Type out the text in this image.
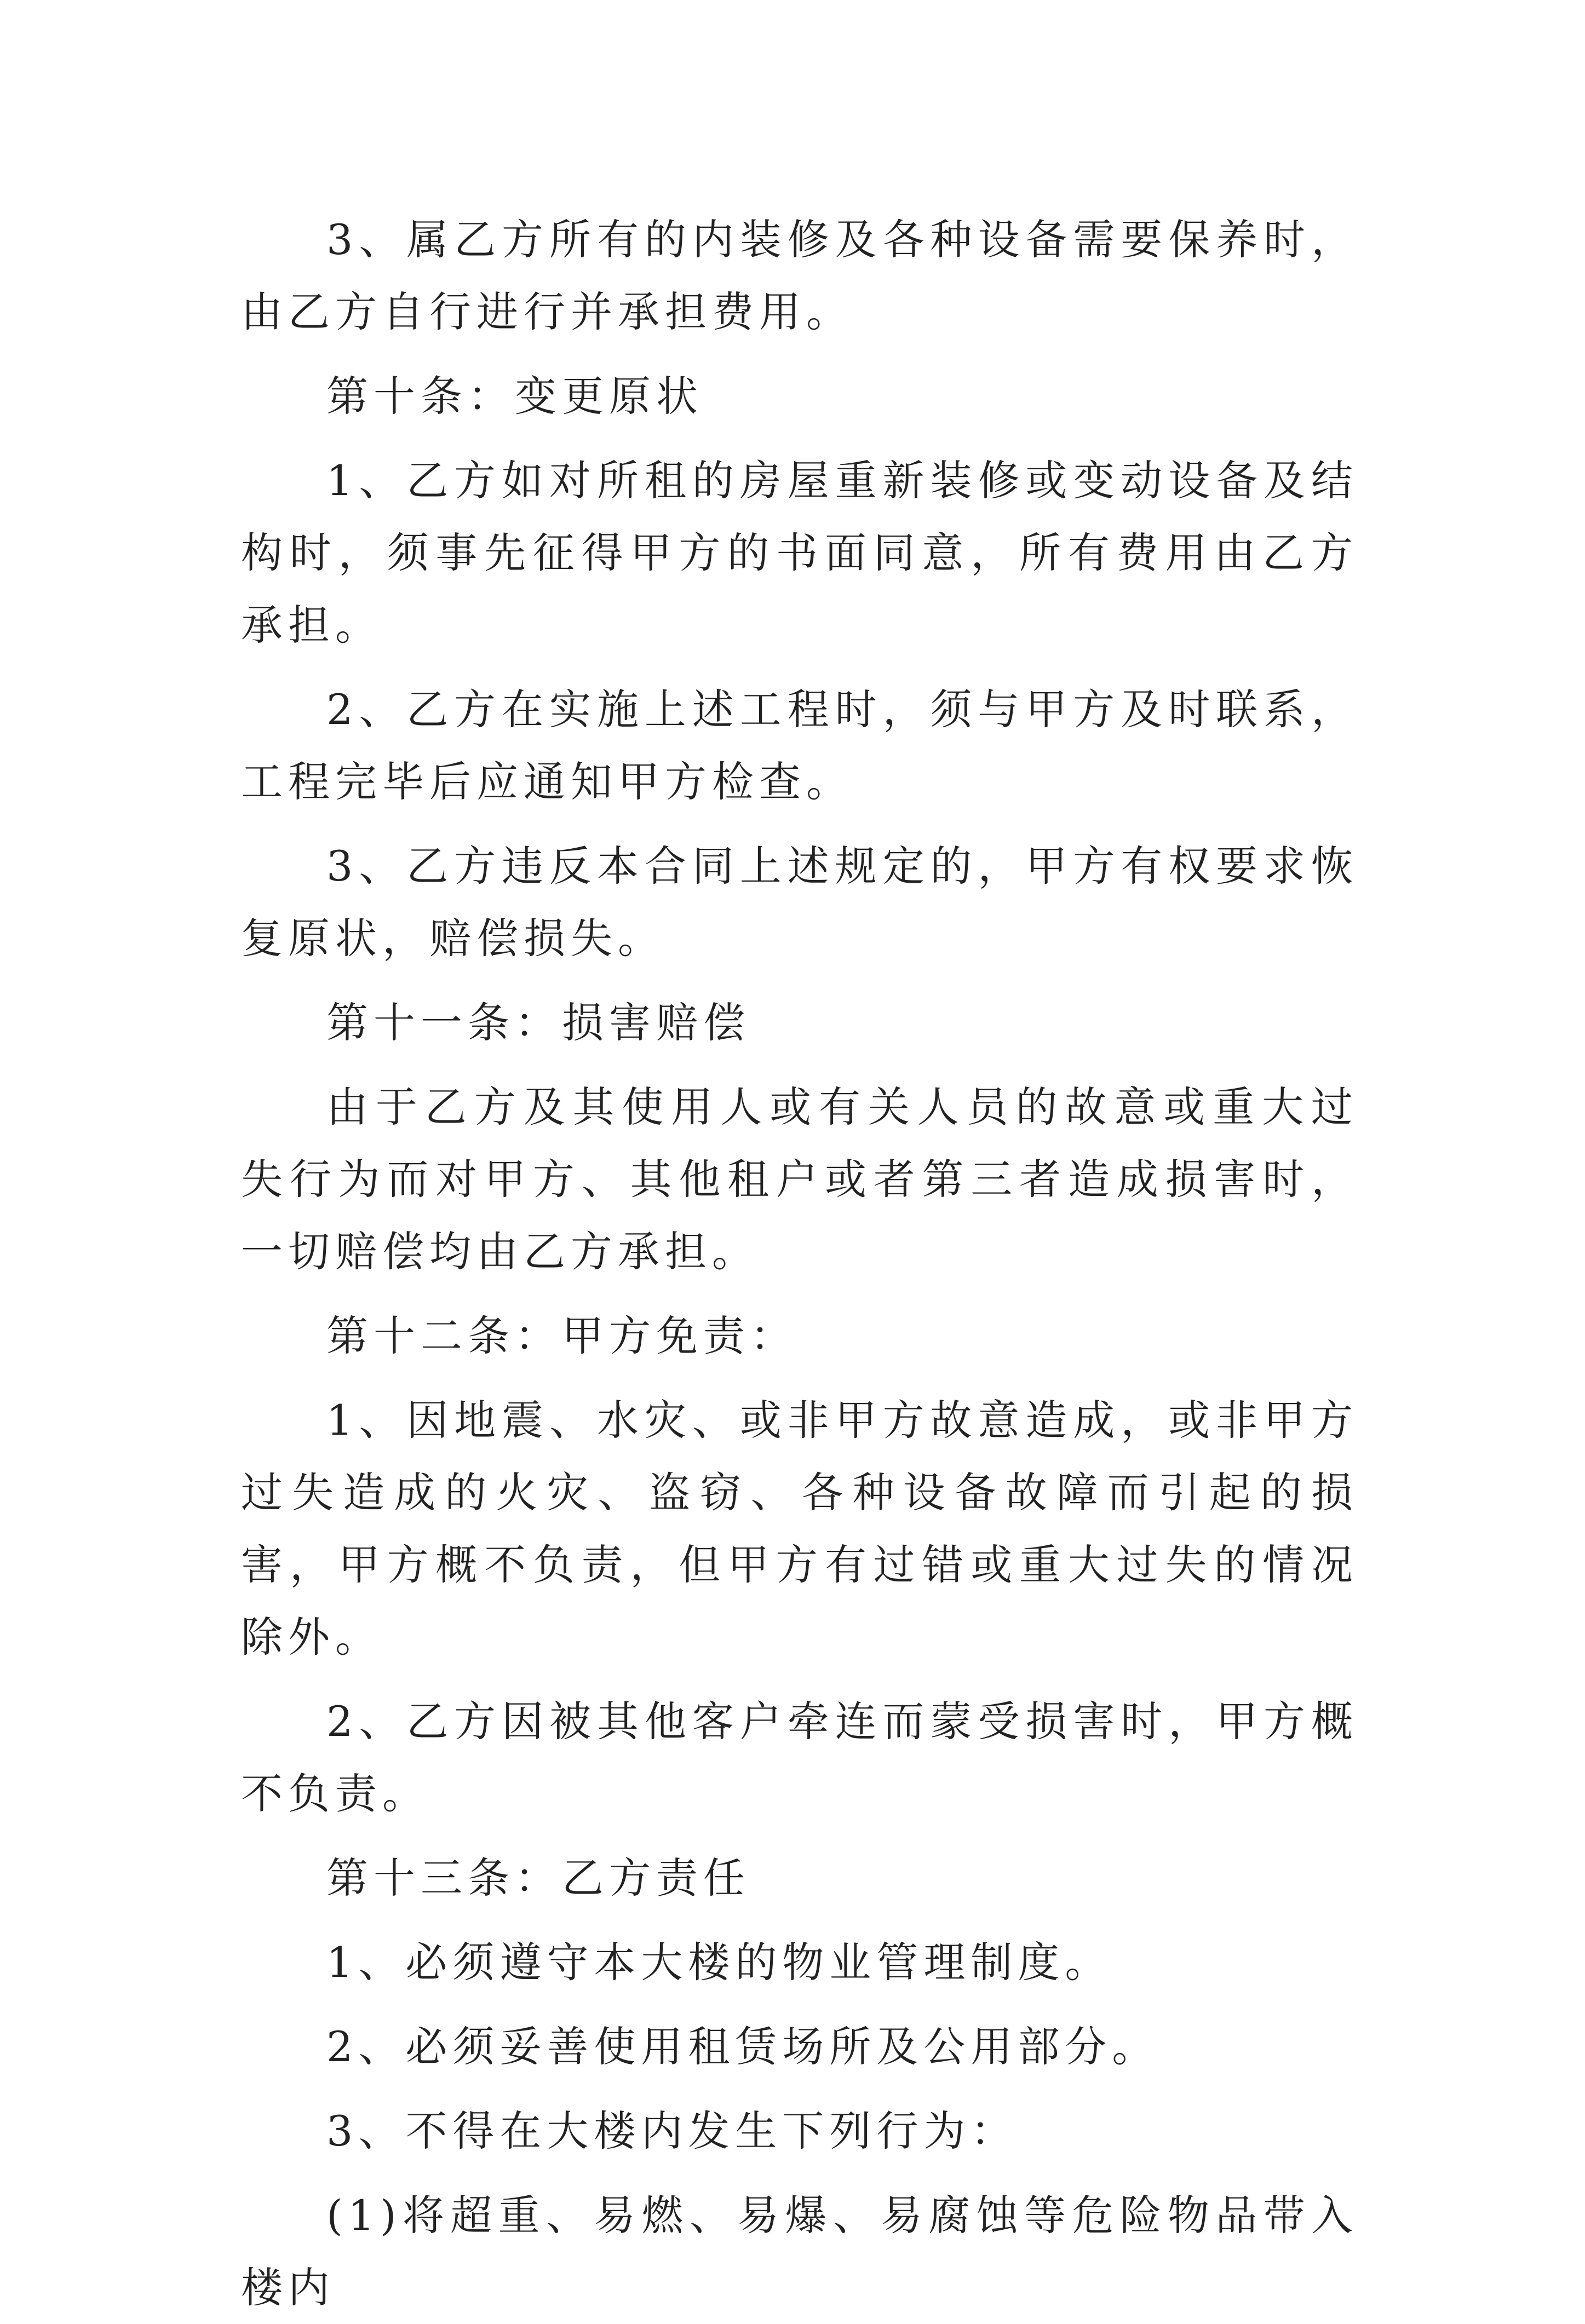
3、属乙方所有的内装修及各种设备需要保养时，由乙方自行进行并承担费用。

第十条：变更原状

1、乙方如对所租的房屋重新装修或变动设备及结构时，须事先征得甲方的书面同意，所有费用由乙方承担。

2、乙方在实施上述工程时，须与甲方及时联系，工程完毕后应通知甲方检查。

3、乙方违反本合同上述规定的，甲方有权要求恢复原状，赔偿损失。

第十一条：损害赔偿

由于乙方及其使用人或有关人员的故意或重大过失行为而对甲方、其他租户或者第三者造成损害时，一切赔偿均由乙方承担。

第十二条：甲方免责：

1、因地震、水灾、或非甲方故意造成，或非甲方过失造成的火灾、盗窃、各种设备故障而引起的损害，甲方概不负责，但甲方有过错或重大过失的情况除外。

2、乙方因被其他客户牵连而蒙受损害时，甲方概不负责。

第十三条：乙方责任

1、必须遵守本大楼的物业管理制度。

2、必须妥善使用租赁场所及公用部分。

3、不得在大楼内发生下列行为：

(1)将超重、易燃、易爆、易腐蚀等危险物品带入楼内
